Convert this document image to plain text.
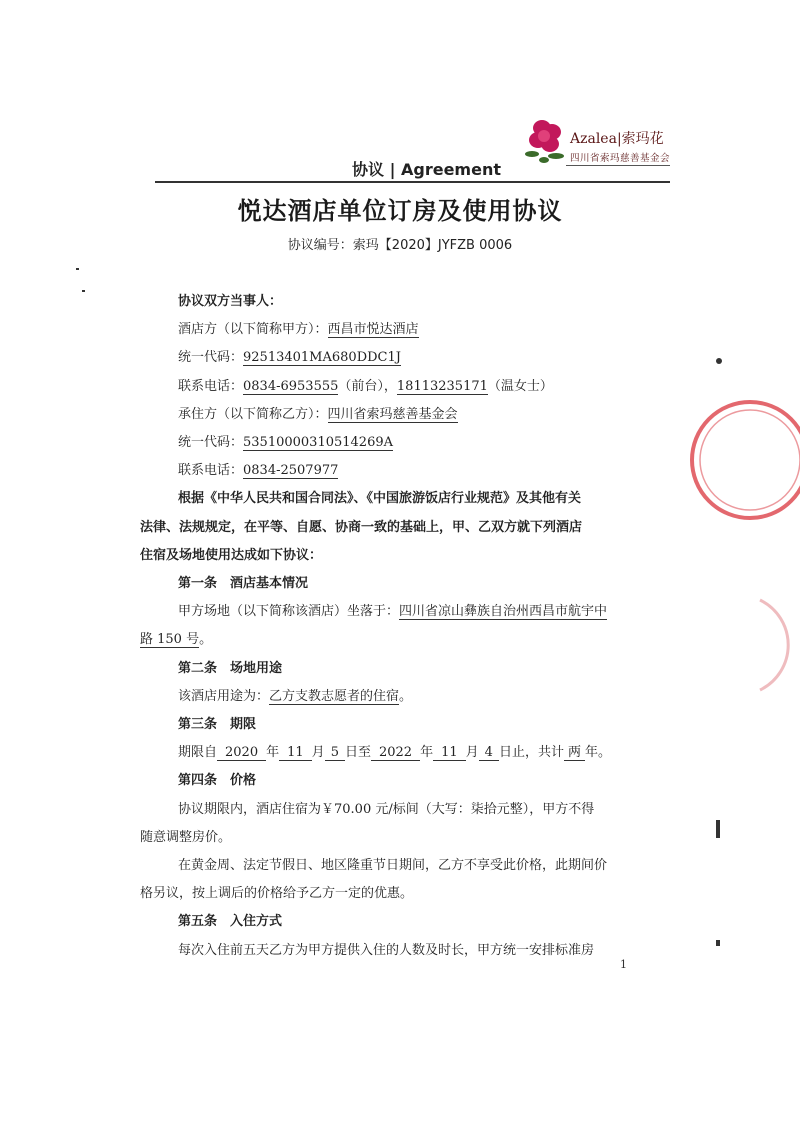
Azalea|索玛花
四川省索玛慈善基金会
协议 | Agreement
悦达酒店单位订房及使用协议
协议编号：索玛【2020】JYFZB 0006

协议双方当事人：

酒店方（以下简称甲方）：西昌市悦达酒店

统一代码：92513401MA680DDC1J

联系电话：0834-6953555（前台），18113235171（温女士）

承住方（以下简称乙方）：四川省索玛慈善基金会

统一代码：53510000310514269A

联系电话：0834-2507977

根据《中华人民共和国合同法》、《中国旅游饭店行业规范》及其他有关

法律、法规规定，在平等、自愿、协商一致的基础上，甲、乙双方就下列酒店

住宿及场地使用达成如下协议：

第一条　酒店基本情况

甲方场地（以下简称该酒店）坐落于：四川省凉山彝族自治州西昌市航宇中

路 150 号。

第二条　场地用途

该酒店用途为：乙方支教志愿者的住宿。

第三条　期限

期限自 2020 年 11 月 5 日至 2022 年 11 月 4 日止，共计 两 年。

第四条　价格

协议期限内，酒店住宿为￥70.00 元/标间（大写：柒拾元整），甲方不得

随意调整房价。

在黄金周、法定节假日、地区隆重节日期间，乙方不享受此价格，此期间价

格另议，按上调后的价格给予乙方一定的优惠。

第五条　入住方式

每次入住前五天乙方为甲方提供入住的人数及时长，甲方统一安排标准房

1
